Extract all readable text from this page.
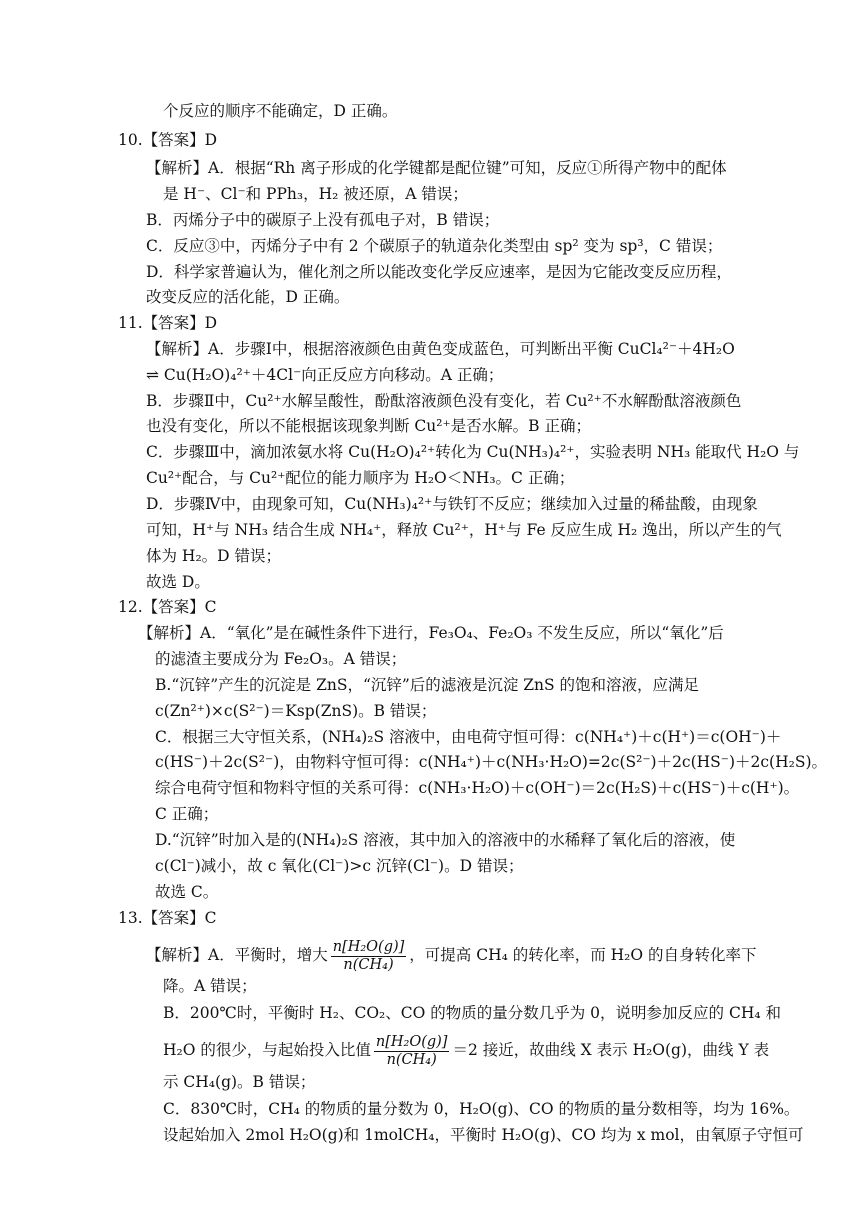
个反应的顺序不能确定，D 正确。
10.【答案】D
【解析】A．根据“Rh 离子形成的化学键都是配位键”可知，反应①所得产物中的配体
是 H⁻、Cl⁻和 PPh₃，H₂ 被还原，A 错误；
B．丙烯分子中的碳原子上没有孤电子对，B 错误；
C．反应③中，丙烯分子中有 2 个碳原子的轨道杂化类型由 sp² 变为 sp³，C 错误；
D．科学家普遍认为，催化剂之所以能改变化学反应速率，是因为它能改变反应历程，
改变反应的活化能，D 正确。
11.【答案】D
【解析】A．步骤Ⅰ中，根据溶液颜色由黄色变成蓝色，可判断出平衡 CuCl₄²⁻＋4H₂O
⇌ Cu(H₂O)₄²⁺＋4Cl⁻向正反应方向移动。A 正确；
B．步骤Ⅱ中，Cu²⁺水解呈酸性，酚酞溶液颜色没有变化，若 Cu²⁺不水解酚酞溶液颜色
也没有变化，所以不能根据该现象判断 Cu²⁺是否水解。B 正确；
C．步骤Ⅲ中，滴加浓氨水将 Cu(H₂O)₄²⁺转化为 Cu(NH₃)₄²⁺，实验表明 NH₃ 能取代 H₂O 与
Cu²⁺配合，与 Cu²⁺配位的能力顺序为 H₂O＜NH₃。C 正确；
D．步骤Ⅳ中，由现象可知，Cu(NH₃)₄²⁺与铁钉不反应；继续加入过量的稀盐酸，由现象
可知，H⁺与 NH₃ 结合生成 NH₄⁺，释放 Cu²⁺，H⁺与 Fe 反应生成 H₂ 逸出，所以产生的气
体为 H₂。D 错误；
故选 D。
12.【答案】C
【解析】A．“氧化”是在碱性条件下进行，Fe₃O₄、Fe₂O₃ 不发生反应，所以“氧化”后
的滤渣主要成分为 Fe₂O₃。A 错误；
B.“沉锌”产生的沉淀是 ZnS，“沉锌”后的滤液是沉淀 ZnS 的饱和溶液，应满足
c(Zn²⁺)×c(S²⁻)＝Ksp(ZnS)。B 错误；
C．根据三大守恒关系，(NH₄)₂S 溶液中，由电荷守恒可得：c(NH₄⁺)＋c(H⁺)＝c(OH⁻)＋
c(HS⁻)＋2c(S²⁻)，由物料守恒可得：c(NH₄⁺)＋c(NH₃·H₂O)=2c(S²⁻)＋2c(HS⁻)＋2c(H₂S)。
综合电荷守恒和物料守恒的关系可得：c(NH₃·H₂O)＋c(OH⁻)＝2c(H₂S)＋c(HS⁻)＋c(H⁺)。
C 正确；
D.“沉锌”时加入是的(NH₄)₂S 溶液，其中加入的溶液中的水稀释了氧化后的溶液，使
c(Cl⁻)减小，故 c 氧化(Cl⁻)>c 沉锌(Cl⁻)。D 错误；
故选 C。
13.【答案】C
【解析】A．平衡时，增大 $\frac{\text{n[H₂O(g)]}}{\text{n(CH₄)}}$ ，可提高 CH₄ 的转化率，而 H₂O 的自身转化率下
降。A 错误；
B．200℃时，平衡时 H₂、CO₂、CO 的物质的量分数几乎为 0，说明参加反应的 CH₄ 和
H₂O 的很少，与起始投入比值 $\frac{\text{n[H₂O(g)]}}{\text{n(CH₄)}} =2$ 接近，故曲线 X 表示 H₂O(g)，曲线 Y 表
示 CH₄(g)。B 错误；
C．830℃时，CH₄ 的物质的量分数为 0，H₂O(g)、CO 的物质的量分数相等，均为 16%。
设起始加入 2mol H₂O(g)和 1molCH₄，平衡时 H₂O(g)、CO 均为 x mol，由氧原子守恒可
